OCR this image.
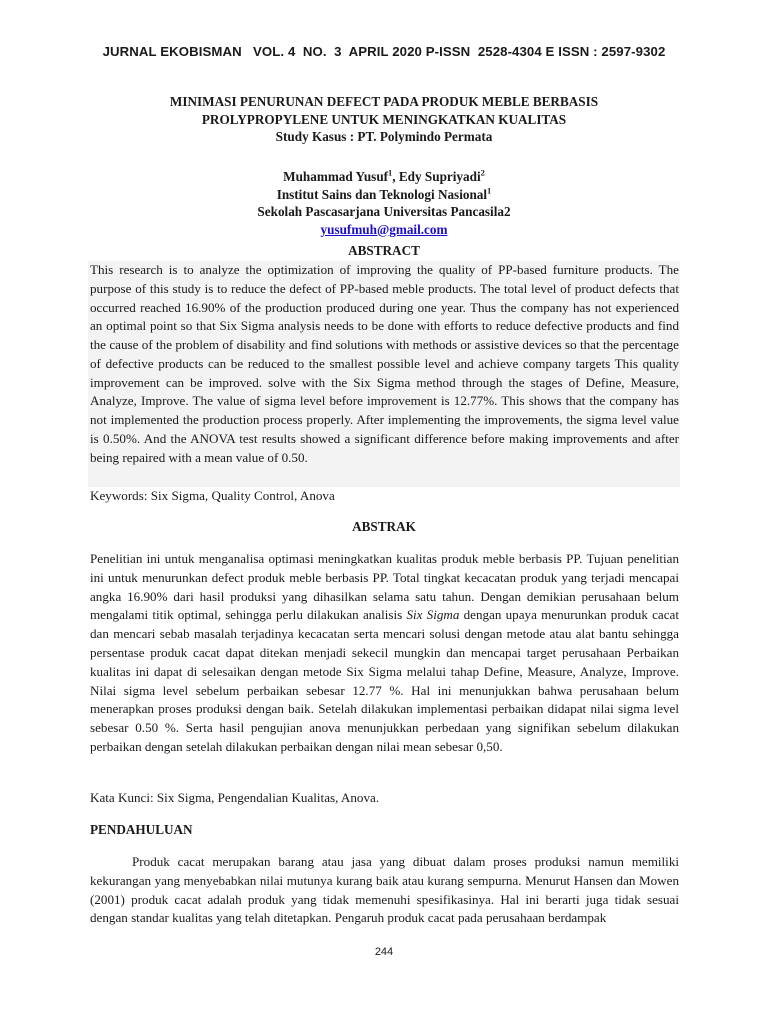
JURNAL EKOBISMAN   VOL. 4  NO.  3  APRIL 2020 P-ISSN  2528-4304 E ISSN : 2597-9302
MINIMASI PENURUNAN DEFECT PADA PRODUK MEBLE BERBASIS
PROLYPROPYLENE UNTUK MENINGKATKAN KUALITAS
Study Kasus : PT. Polymindo Permata
Muhammad Yusuf$^1$, Edy Supriyadi$^2$
Institut Sains dan Teknologi Nasional$^1$
Sekolah Pascasarjana Universitas Pancasila2
yusufmuh@gmail.com
ABSTRACT
This research is to analyze the optimization of improving the quality of PP-based furniture products. The purpose of this study is to reduce the defect of PP-based meble products. The total level of product defects that occurred reached 16.90% of the production produced during one year. Thus the company has not experienced an optimal point so that Six Sigma analysis needs to be done with efforts to reduce defective products and find the cause of the problem of disability and find solutions with methods or assistive devices so that the percentage of defective products can be reduced to the smallest possible level and achieve company targets This quality improvement can be improved. solve with the Six Sigma method through the stages of Define, Measure, Analyze, Improve. The value of sigma level before improvement is 12.77%. This shows that the company has not implemented the production process properly. After implementing the improvements, the sigma level value is 0.50%. And the ANOVA test results showed a significant difference before making improvements and after being repaired with a mean value of 0.50.
Keywords: Six Sigma, Quality Control, Anova
ABSTRAK
Penelitian ini untuk menganalisa optimasi meningkatkan kualitas produk meble berbasis PP. Tujuan penelitian ini untuk menurunkan defect produk meble berbasis PP. Total tingkat kecacatan produk yang terjadi mencapai angka 16.90% dari hasil produksi yang dihasilkan selama satu tahun. Dengan demikian perusahaan belum mengalami titik optimal, sehingga perlu dilakukan analisis Six Sigma dengan upaya menurunkan produk cacat dan mencari sebab masalah terjadinya kecacatan serta mencari solusi dengan metode atau alat bantu sehingga persentase produk cacat dapat ditekan menjadi sekecil mungkin dan mencapai target perusahaan Perbaikan kualitas ini dapat di selesaikan dengan metode Six Sigma melalui tahap Define, Measure, Analyze, Improve. Nilai sigma level sebelum perbaikan sebesar 12.77 %. Hal ini menunjukkan bahwa perusahaan belum menerapkan proses produksi dengan baik. Setelah dilakukan implementasi perbaikan didapat nilai sigma level sebesar 0.50 %. Serta hasil pengujian anova menunjukkan perbedaan yang signifikan sebelum dilakukan perbaikan dengan setelah dilakukan perbaikan dengan nilai mean sebesar 0,50.
Kata Kunci: Six Sigma, Pengendalian Kualitas, Anova.
PENDAHULUAN
Produk cacat merupakan barang atau jasa yang dibuat dalam proses produksi namun memiliki kekurangan yang menyebabkan nilai mutunya kurang baik atau kurang sempurna. Menurut Hansen dan Mowen (2001) produk cacat adalah produk yang tidak memenuhi spesifikasinya. Hal ini berarti juga tidak sesuai dengan standar kualitas yang telah ditetapkan. Pengaruh produk cacat pada perusahaan berdampak
244
